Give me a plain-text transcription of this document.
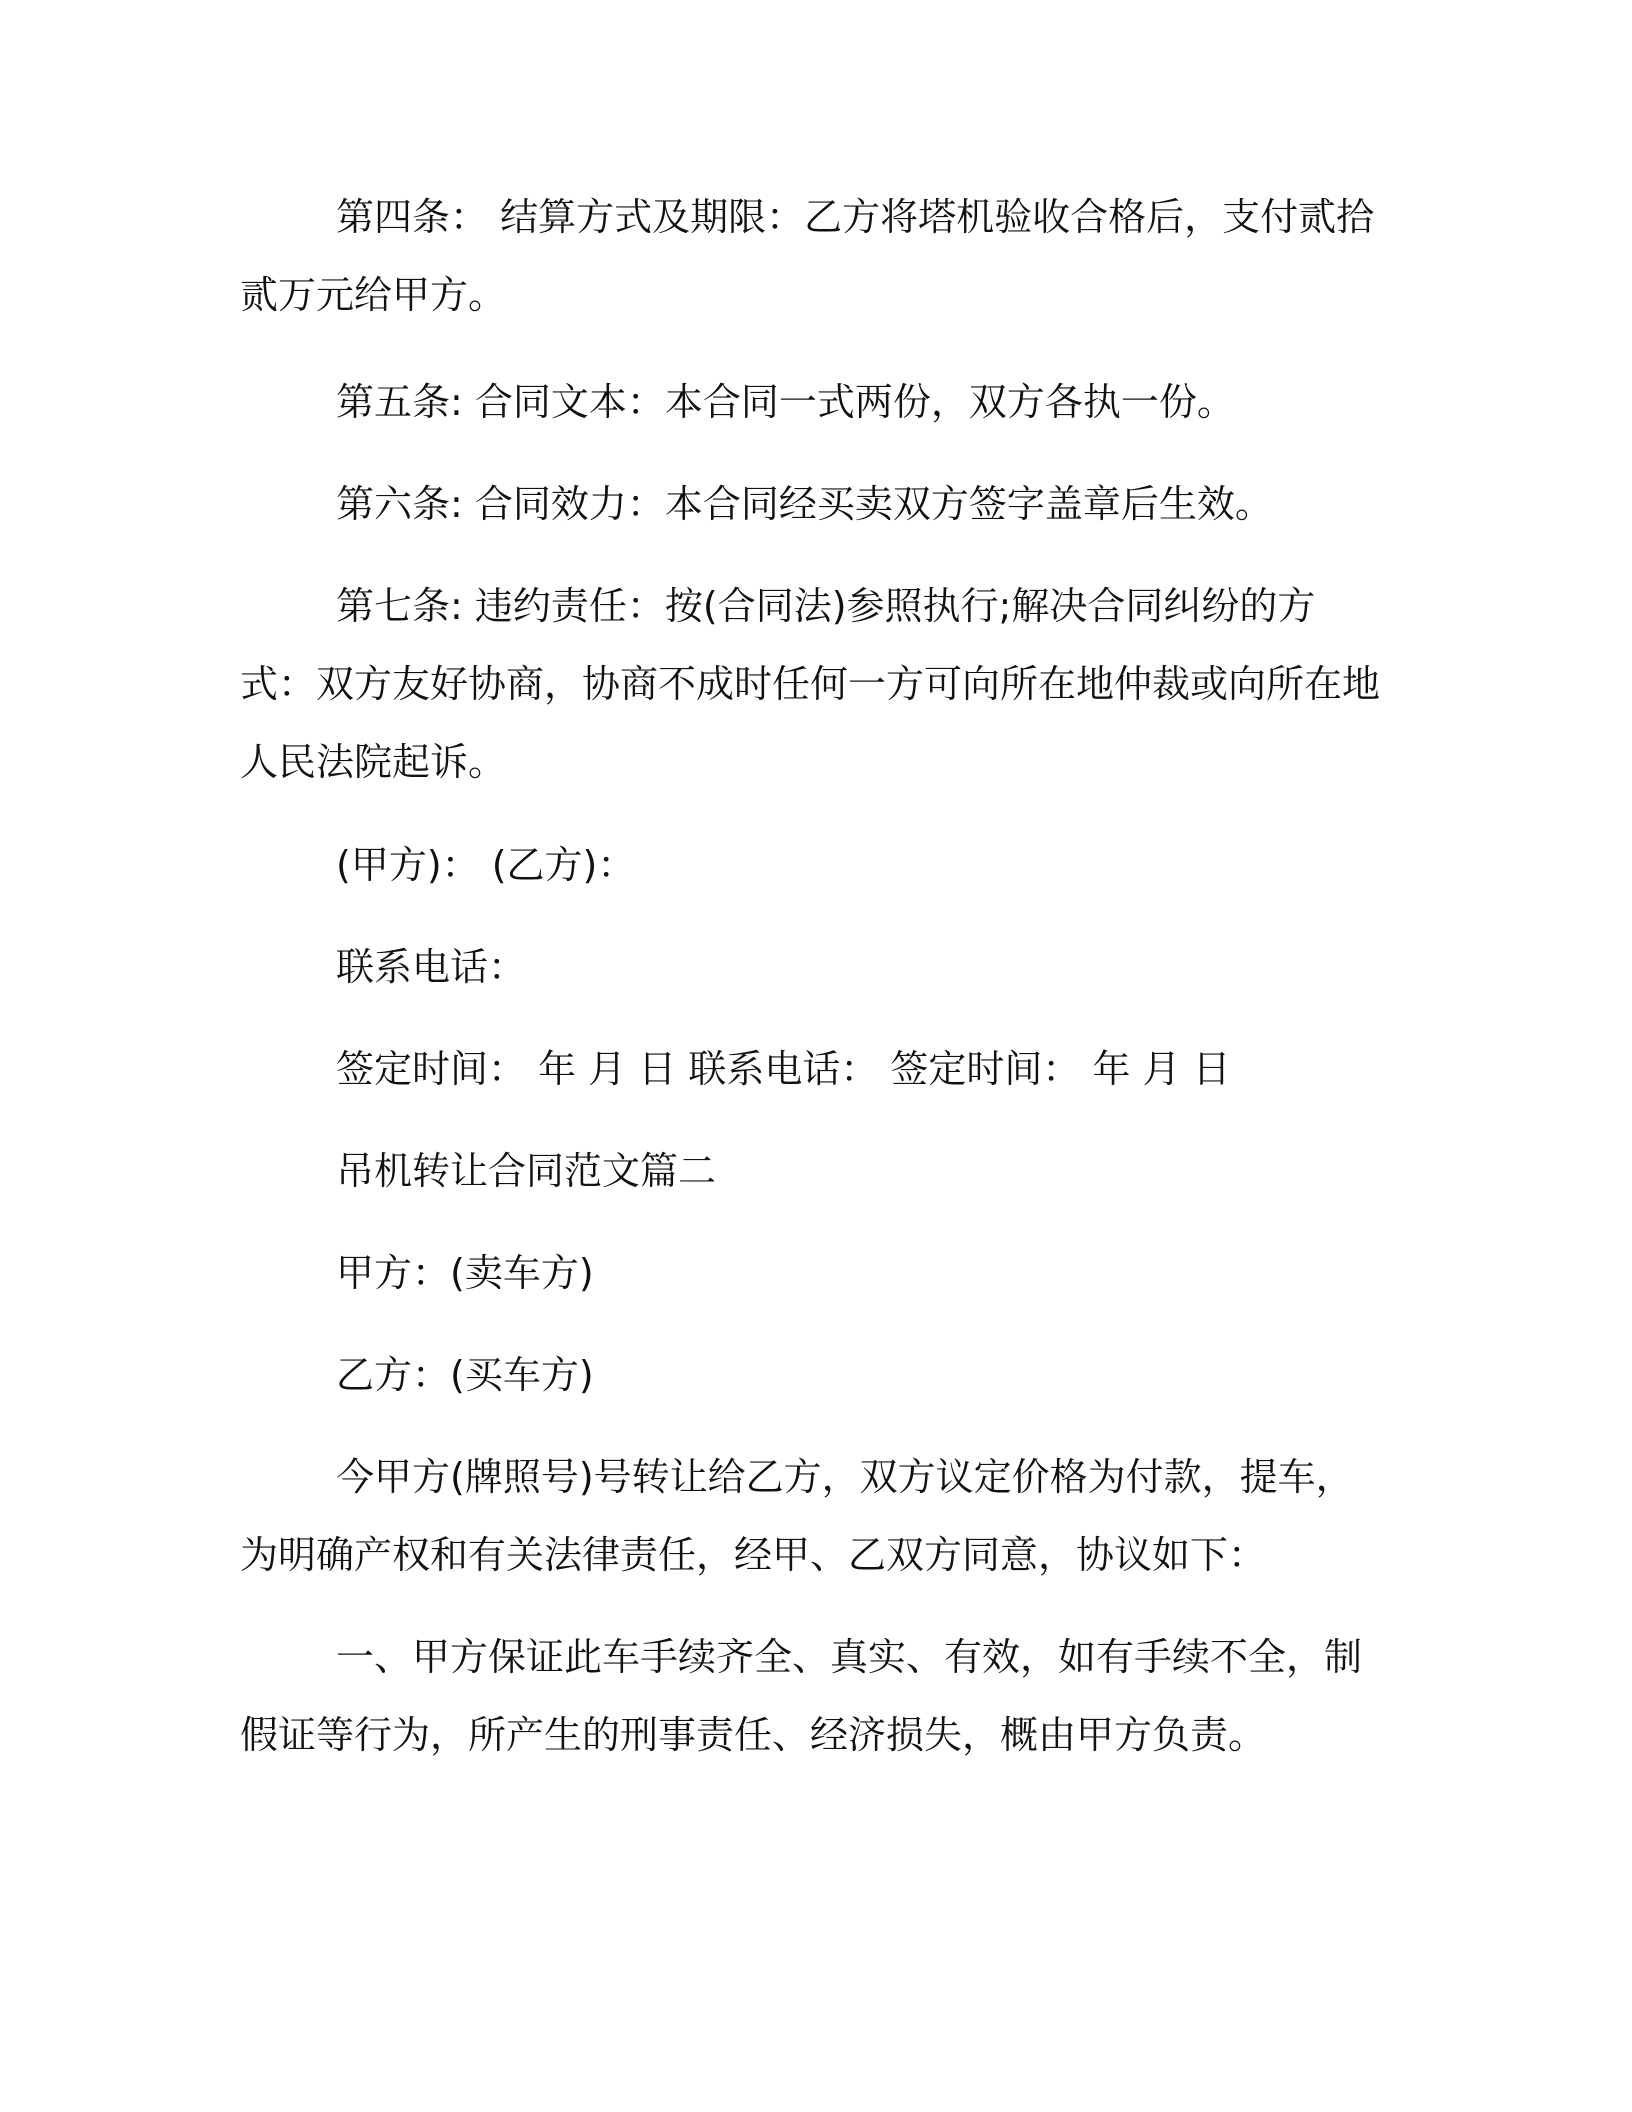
第四条： 结算方式及期限：乙方将塔机验收合格后，支付贰拾贰万元给甲方。

第五条: 合同文本：本合同一式两份，双方各执一份。

第六条: 合同效力：本合同经买卖双方签字盖章后生效。

第七条: 违约责任：按(合同法)参照执行;解决合同纠纷的方式：双方友好协商，协商不成时任何一方可向所在地仲裁或向所在地人民法院起诉。

(甲方)： (乙方)：

联系电话：

签定时间： 年 月 日 联系电话： 签定时间： 年 月 日

吊机转让合同范文篇二

甲方：(卖车方)

乙方：(买车方)

今甲方(牌照号)号转让给乙方，双方议定价格为付款，提车，为明确产权和有关法律责任，经甲、乙双方同意，协议如下：

一、甲方保证此车手续齐全、真实、有效，如有手续不全，制假证等行为，所产生的刑事责任、经济损失，概由甲方负责。
